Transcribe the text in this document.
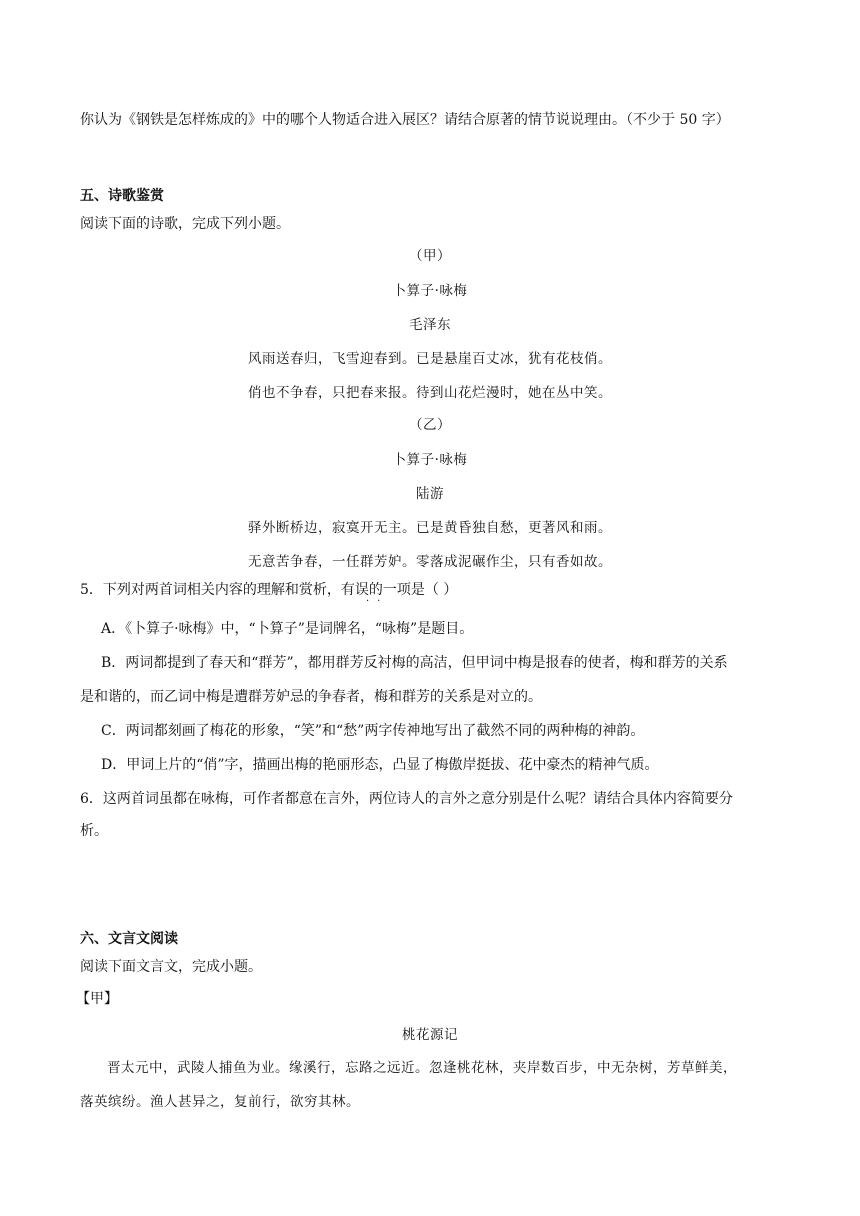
你认为《钢铁是怎样炼成的》中的哪个人物适合进入展区？请结合原著的情节说说理由。（不少于 50 字）
五、诗歌鉴赏
阅读下面的诗歌，完成下列小题。
（甲）
卜算子·咏梅
毛泽东
风雨送春归，飞雪迎春到。已是悬崖百丈冰，犹有花枝俏。
俏也不争春，只把春来报。待到山花烂漫时，她在丛中笑。
（乙）
卜算子·咏梅
陆游
驿外断桥边，寂寞开无主。已是黄昏独自愁，更著风和雨。
无意苦争春，一任群芳妒。零落成泥碾作尘，只有香如故。
5．下列对两首词相关内容的理解和赏析，有误的一项是（ ）
··
A．《卜算子·咏梅》中，“卜算子”是词牌名，“咏梅”是题目。
B．两词都提到了春天和“群芳”，都用群芳反衬梅的高洁，但甲词中梅是报春的使者，梅和群芳的关系
是和谐的，而乙词中梅是遭群芳妒忌的争春者，梅和群芳的关系是对立的。
C．两词都刻画了梅花的形象，“笑”和“愁”两字传神地写出了截然不同的两种梅的神韵。
D．甲词上片的“俏”字，描画出梅的艳丽形态，凸显了梅傲岸挺拔、花中豪杰的精神气质。
6．这两首词虽都在咏梅，可作者都意在言外，两位诗人的言外之意分别是什么呢？请结合具体内容简要分
析。
六、文言文阅读
阅读下面文言文，完成小题。
【甲】
桃花源记
晋太元中，武陵人捕鱼为业。缘溪行，忘路之远近。忽逢桃花林，夹岸数百步，中无杂树，芳草鲜美，
落英缤纷。渔人甚异之，复前行，欲穷其林。
